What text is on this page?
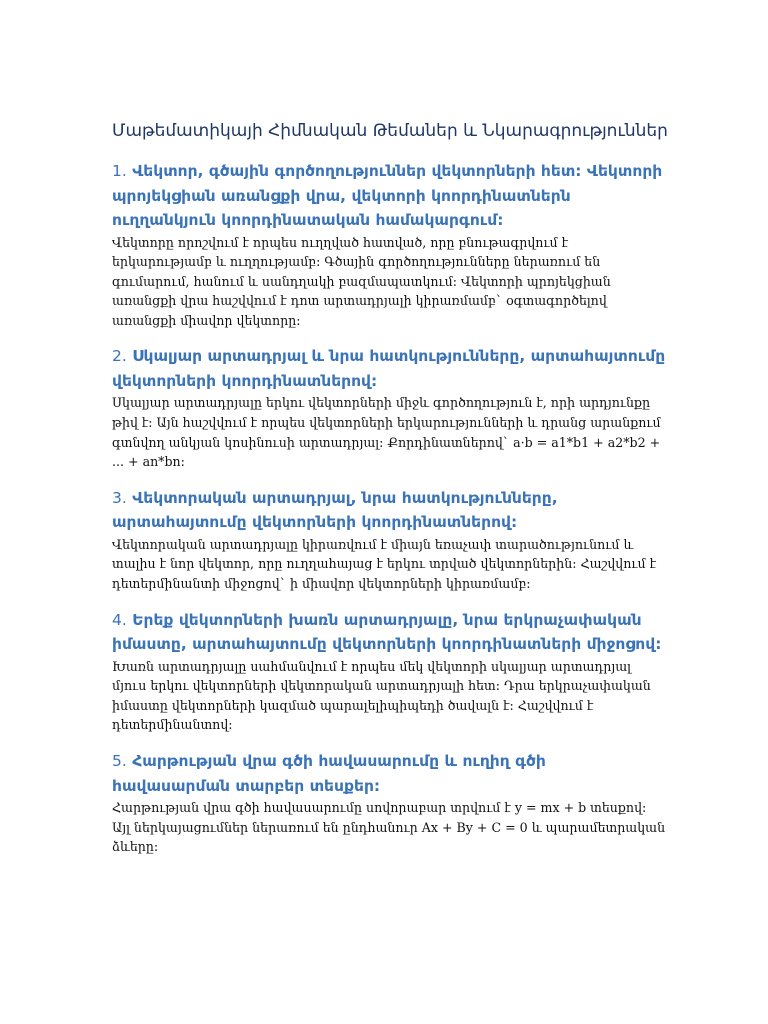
Մաթեմատիկայի Հիմնական Թեմաներ և Նկարագրություններ

1. Վեկտոր, գծային գործողություններ վեկտորների հետ: Վեկտորի պրոյեկցիան առանցքի վրա, վեկտորի կոորդինատներն ուղղանկյուն կոորդինատական համակարգում:

Վեկտորը որոշվում է որպես ուղղված հատված, որը բնութագրվում է երկարությամբ և ուղղությամբ: Գծային գործողությունները ներառում են գումարում, հանում և սանդղակի բազմապատկում: Վեկտորի պրոյեկցիան առանցքի վրա հաշվվում է դոտ արտադրյալի կիրառմամբ` օգտագործելով առանցքի միավոր վեկտորը:

2. Սկալյար արտադրյալ և նրա հատկությունները, արտահայտումը վեկտորների կոորդինատներով:

Սկալյար արտադրյալը երկու վեկտորների միջև գործողություն է, որի արդյունքը թիվ է: Այն հաշվվում է որպես վեկտորների երկարությունների և դրանց արանքում գտնվող անկյան կոսինուսի արտադրյալ: Քորդինատներով` a·b = a1*b1 + a2*b2 + ... + an*bn:

3. Վեկտորական արտադրյալ, նրա հատկությունները, արտահայտումը վեկտորների կոորդինատներով:

Վեկտորական արտադրյալը կիրառվում է միայն եռաչափ տարածությունում և տալիս է նոր վեկտոր, որը ուղղահայաց է երկու տրված վեկտորներին: Հաշվվում է դետերմինանտի միջոցով` ի միավոր վեկտորների կիրառմամբ:

4. Երեք վեկտորների խառն արտադրյալը, նրա երկրաչափական իմաստը, արտահայտումը վեկտորների կոորդինատների միջոցով:

Խառն արտադրյալը սահմանվում է որպես մեկ վեկտորի սկալյար արտադրյալ մյուս երկու վեկտորների վեկտորական արտադրյալի հետ: Դրա երկրաչափական իմաստը վեկտորների կազմած պարալելիպիպեդի ծավալն է: Հաշվվում է դետերմինանտով:

5. Հարթության վրա գծի հավասարումը և ուղիղ գծի հավասարման տարբեր տեսքեր:

Հարթության վրա գծի հավասարումը սովորաբար տրվում է y = mx + b տեսքով: Այլ ներկայացումներ ներառում են ընդհանուր Ax + By + C = 0 և պարամետրական ձևերը:
